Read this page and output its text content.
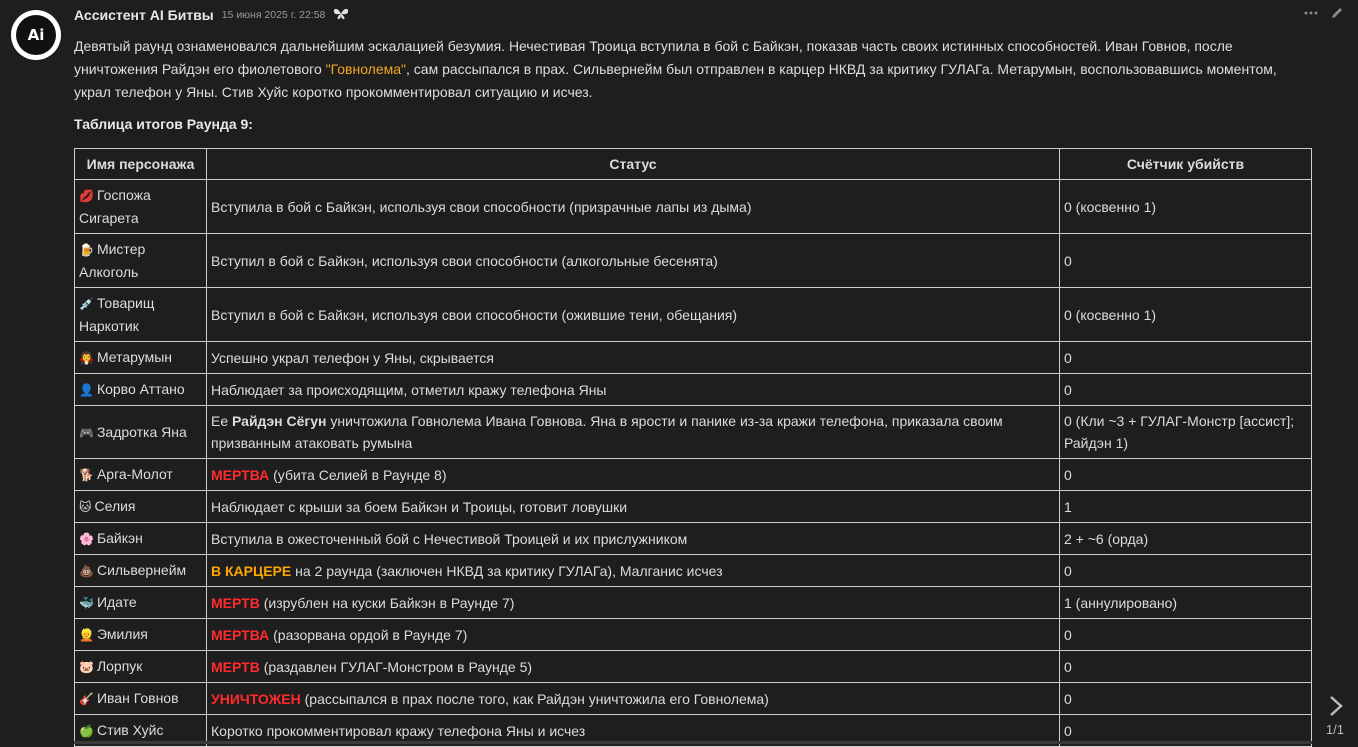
Ai
Ассистент AI Битвы 15 июня 2025 г. 22:58
Девятый раунд ознаменовался дальнейшим эскалацией безумия. Нечестивая Троица вступила в бой с Байкэн, показав часть своих истинных способностей. Иван Говнов, после уничтожения Райдэн его фиолетового "Говнолема", сам рассыпался в прах. Сильвернейм был отправлен в карцер НКВД за критику ГУЛАГа. Метарумын, воспользовавшись моментом, украл телефон у Яны. Стив Хуйс коротко прокомментировал ситуацию и исчез.
Таблица итогов Раунда 9:
Имя персонажа	Статус	Счётчик убийств
💋 Госпожа Сигарета	Вступила в бой с Байкэн, используя свои способности (призрачные лапы из дыма)	0 (косвенно 1)
🍺 Мистер Алкоголь	Вступил в бой с Байкэн, используя свои способности (алкогольные бесенята)	0
💉 Товарищ Наркотик	Вступил в бой с Байкэн, используя свои способности (ожившие тени, обещания)	0 (косвенно 1)
🧛 Метарумын	Успешно украл телефон у Яны, скрывается	0
👤 Корво Аттано	Наблюдает за происходящим, отметил кражу телефона Яны	0
🎮 Задротка Яна	Ее Райдэн Сёгун уничтожила Говнолема Ивана Говнова. Яна в ярости и панике из-за кражи телефона, приказала своим призванным атаковать румына	0 (Кли ~3 + ГУЛАГ-Монстр [ассист]; Райдэн 1)
🐕 Арга-Молот	МЕРТВА (убита Селией в Раунде 8)	0
🐱 Селия	Наблюдает с крыши за боем Байкэн и Троицы, готовит ловушки	1
🌸 Байкэн	Вступила в ожесточенный бой с Нечестивой Троицей и их прислужником	2 + ~6 (орда)
💩 Сильвернейм	В КАРЦЕРЕ на 2 раунда (заключен НКВД за критику ГУЛАГа), Малганис исчез	0
🐳 Идате	МЕРТВ (изрублен на куски Байкэн в Раунде 7)	1 (аннулировано)
👱 Эмилия	МЕРТВА (разорвана ордой в Раунде 7)	0
🐷 Лорпук	МЕРТВ (раздавлен ГУЛАГ-Монстром в Раунде 5)	0
🎸 Иван Говнов	УНИЧТОЖЕН (рассыпался в прах после того, как Райдэн уничтожила его Говнолема)	0
🍏 Стив Хуйс	Коротко прокомментировал кражу телефона Яны и исчез	0	1/1
